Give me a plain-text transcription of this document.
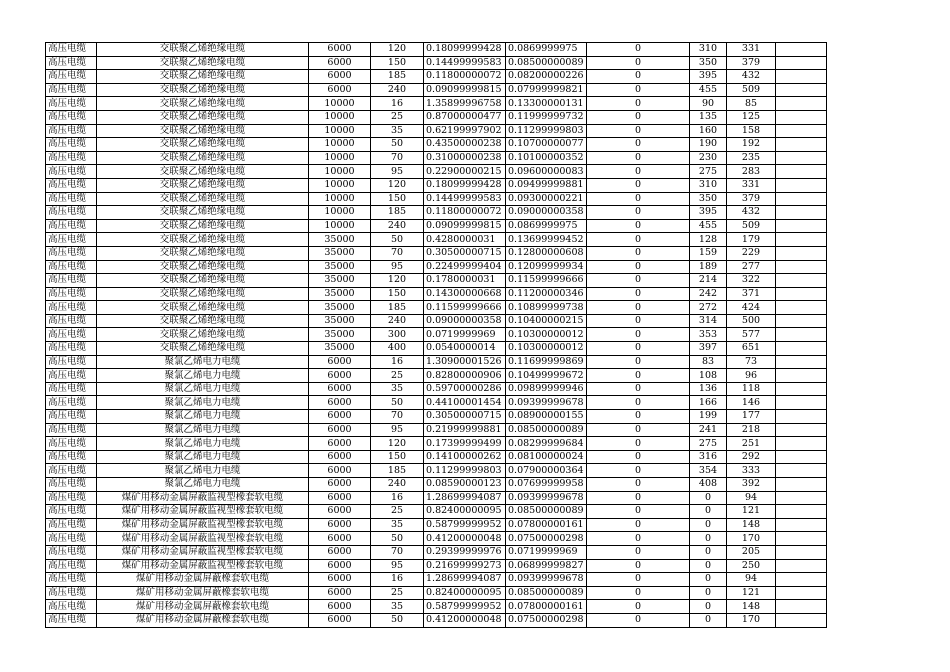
高压电缆	交联聚乙烯绝缘电缆	6000	120	0.18099999428	0.0869999975	0	310	331	
高压电缆	交联聚乙烯绝缘电缆	6000	150	0.14499999583	0.08500000089	0	350	379	
高压电缆	交联聚乙烯绝缘电缆	6000	185	0.11800000072	0.08200000226	0	395	432	
高压电缆	交联聚乙烯绝缘电缆	6000	240	0.09099999815	0.07999999821	0	455	509	
高压电缆	交联聚乙烯绝缘电缆	10000	16	1.35899996758	0.13300000131	0	90	85	
高压电缆	交联聚乙烯绝缘电缆	10000	25	0.87000000477	0.11999999732	0	135	125	
高压电缆	交联聚乙烯绝缘电缆	10000	35	0.62199997902	0.11299999803	0	160	158	
高压电缆	交联聚乙烯绝缘电缆	10000	50	0.43500000238	0.10700000077	0	190	192	
高压电缆	交联聚乙烯绝缘电缆	10000	70	0.31000000238	0.10100000352	0	230	235	
高压电缆	交联聚乙烯绝缘电缆	10000	95	0.22900000215	0.09600000083	0	275	283	
高压电缆	交联聚乙烯绝缘电缆	10000	120	0.18099999428	0.09499999881	0	310	331	
高压电缆	交联聚乙烯绝缘电缆	10000	150	0.14499999583	0.09300000221	0	350	379	
高压电缆	交联聚乙烯绝缘电缆	10000	185	0.11800000072	0.09000000358	0	395	432	
高压电缆	交联聚乙烯绝缘电缆	10000	240	0.09099999815	0.0869999975	0	455	509	
高压电缆	交联聚乙烯绝缘电缆	35000	50	0.4280000031	0.13699999452	0	128	179	
高压电缆	交联聚乙烯绝缘电缆	35000	70	0.30500000715	0.12800000608	0	159	229	
高压电缆	交联聚乙烯绝缘电缆	35000	95	0.22499999404	0.12099999934	0	189	277	
高压电缆	交联聚乙烯绝缘电缆	35000	120	0.1780000031	0.11599999666	0	214	322	
高压电缆	交联聚乙烯绝缘电缆	35000	150	0.14300000668	0.11200000346	0	242	371	
高压电缆	交联聚乙烯绝缘电缆	35000	185	0.11599999666	0.10899999738	0	272	424	
高压电缆	交联聚乙烯绝缘电缆	35000	240	0.09000000358	0.10400000215	0	314	500	
高压电缆	交联聚乙烯绝缘电缆	35000	300	0.0719999969	0.10300000012	0	353	577	
高压电缆	交联聚乙烯绝缘电缆	35000	400	0.0540000014	0.10300000012	0	397	651	
高压电缆	聚氯乙烯电力电缆	6000	16	1.30900001526	0.11699999869	0	83	73	
高压电缆	聚氯乙烯电力电缆	6000	25	0.82800000906	0.10499999672	0	108	96	
高压电缆	聚氯乙烯电力电缆	6000	35	0.59700000286	0.09899999946	0	136	118	
高压电缆	聚氯乙烯电力电缆	6000	50	0.44100001454	0.09399999678	0	166	146	
高压电缆	聚氯乙烯电力电缆	6000	70	0.30500000715	0.08900000155	0	199	177	
高压电缆	聚氯乙烯电力电缆	6000	95	0.21999999881	0.08500000089	0	241	218	
高压电缆	聚氯乙烯电力电缆	6000	120	0.17399999499	0.08299999684	0	275	251	
高压电缆	聚氯乙烯电力电缆	6000	150	0.14100000262	0.08100000024	0	316	292	
高压电缆	聚氯乙烯电力电缆	6000	185	0.11299999803	0.07900000364	0	354	333	
高压电缆	聚氯乙烯电力电缆	6000	240	0.08590000123	0.07699999958	0	408	392	
高压电缆	煤矿用移动金属屏蔽监视型橡套软电缆	6000	16	1.28699994087	0.09399999678	0	0	94	
高压电缆	煤矿用移动金属屏蔽监视型橡套软电缆	6000	25	0.82400000095	0.08500000089	0	0	121	
高压电缆	煤矿用移动金属屏蔽监视型橡套软电缆	6000	35	0.58799999952	0.07800000161	0	0	148	
高压电缆	煤矿用移动金属屏蔽监视型橡套软电缆	6000	50	0.41200000048	0.07500000298	0	0	170	
高压电缆	煤矿用移动金属屏蔽监视型橡套软电缆	6000	70	0.29399999976	0.0719999969	0	0	205	
高压电缆	煤矿用移动金属屏蔽监视型橡套软电缆	6000	95	0.21699999273	0.06899999827	0	0	250	
高压电缆	煤矿用移动金属屏蔽橡套软电缆	6000	16	1.28699994087	0.09399999678	0	0	94	
高压电缆	煤矿用移动金属屏蔽橡套软电缆	6000	25	0.82400000095	0.08500000089	0	0	121	
高压电缆	煤矿用移动金属屏蔽橡套软电缆	6000	35	0.58799999952	0.07800000161	0	0	148	
高压电缆	煤矿用移动金属屏蔽橡套软电缆	6000	50	0.41200000048	0.07500000298	0	0	170	
